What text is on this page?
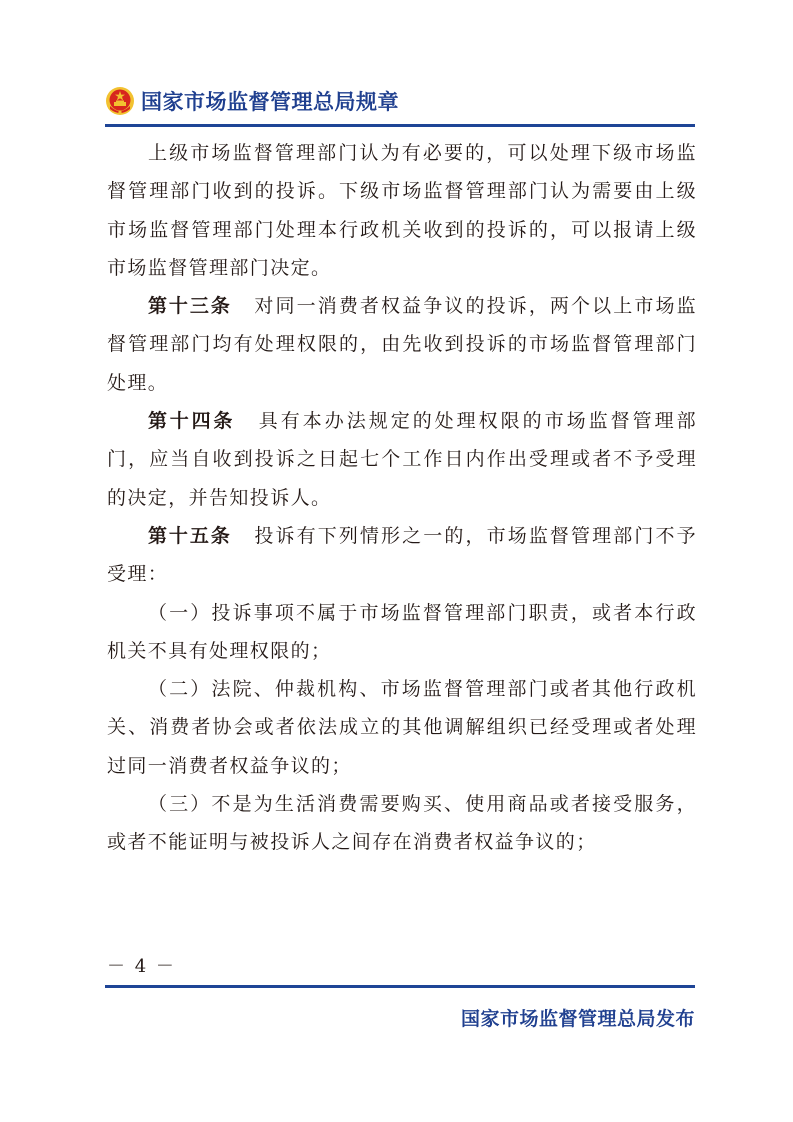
国家市场监督管理总局规章

上级市场监督管理部门认为有必要的，可以处理下级市场监督管理部门收到的投诉。下级市场监督管理部门认为需要由上级市场监督管理部门处理本行政机关收到的投诉的，可以报请上级市场监督管理部门决定。

第十三条 对同一消费者权益争议的投诉，两个以上市场监督管理部门均有处理权限的，由先收到投诉的市场监督管理部门处理。

第十四条 具有本办法规定的处理权限的市场监督管理部门，应当自收到投诉之日起七个工作日内作出受理或者不予受理的决定，并告知投诉人。

第十五条 投诉有下列情形之一的，市场监督管理部门不予受理：

（一）投诉事项不属于市场监督管理部门职责，或者本行政机关不具有处理权限的；

（二）法院、仲裁机构、市场监督管理部门或者其他行政机关、消费者协会或者依法成立的其他调解组织已经受理或者处理过同一消费者权益争议的；

（三）不是为生活消费需要购买、使用商品或者接受服务，或者不能证明与被投诉人之间存在消费者权益争议的；

－ 4 －
国家市场监督管理总局发布
